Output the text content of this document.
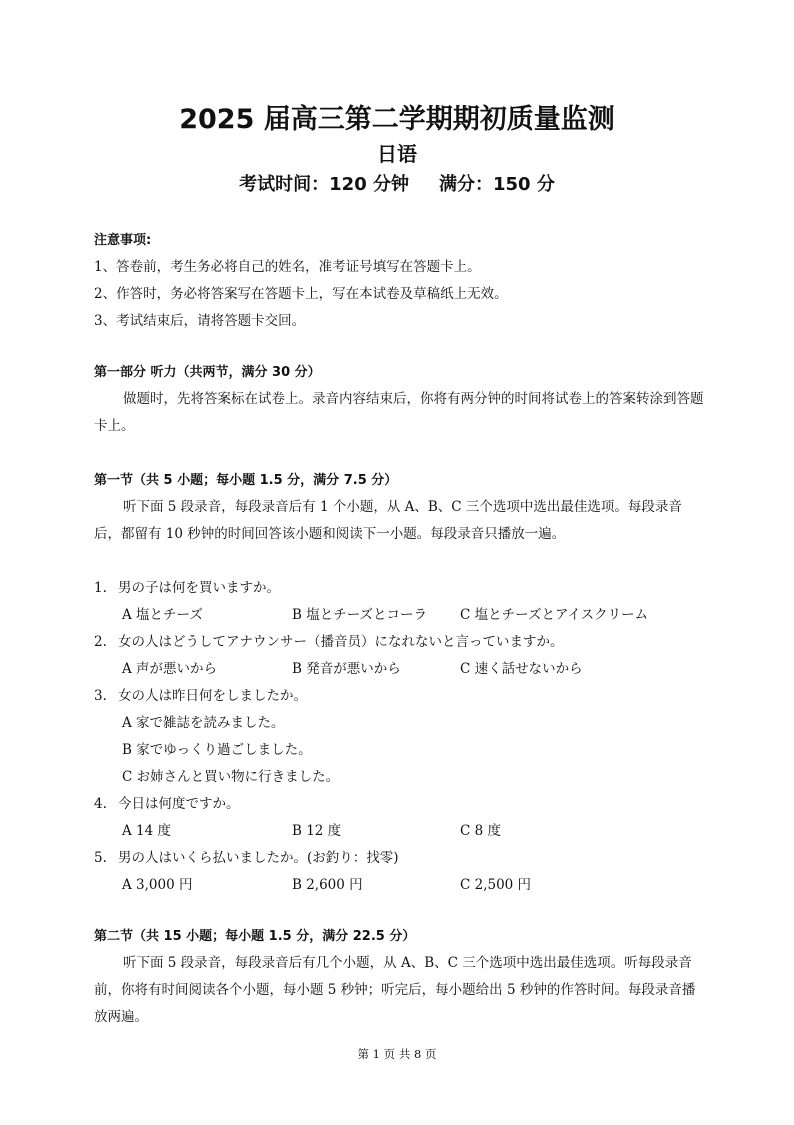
2025 届高三第二学期期初质量监测
日语
考试时间：120 分钟 满分：150 分

注意事项:

1、答卷前，考生务必将自己的姓名，准考证号填写在答题卡上。

2、作答时，务必将答案写在答题卡上，写在本试卷及草稿纸上无效。

3、考试结束后，请将答题卡交回。

第一部分 听力（共两节，满分 30 分）

做题时，先将答案标在试卷上。录音内容结束后，你将有两分钟的时间将试卷上的答案转涂到答题卡上。

第一节（共 5 小题；每小题 1.5 分，满分 7.5 分）

听下面 5 段录音，每段录音后有 1 个小题，从 A、B、C 三个选项中选出最佳选项。每段录音后，都留有 10 秒钟的时间回答该小题和阅读下一小题。每段录音只播放一遍。

1. 男の子は何を買いますか。
A 塩とチーズ	B 塩とチーズとコーラ C 塩とチーズとアイスクリーム
2. 女の人はどうしてアナウンサー（播音员）になれないと言っていますか。
A 声が悪いから	B 発音が悪いから	C 速く話せないから
3. 女の人は昨日何をしましたか。
A 家で雑誌を読みました。
B 家でゆっくり過ごしました。
C お姉さんと買い物に行きました。
4. 今日は何度ですか。
A 14 度	B 12 度	C 8 度
5. 男の人はいくら払いましたか。(お釣り：找零)
A 3,000 円	B 2,600 円	C 2,500 円

第二节（共 15 小题；每小题 1.5 分，满分 22.5 分）

听下面 5 段录音，每段录音后有几个小题，从 A、B、C 三个选项中选出最佳选项。听每段录音前，你将有时间阅读各个小题，每小题 5 秒钟；听完后，每小题给出 5 秒钟的作答时间。每段录音播放两遍。

第 1 页 共 8 页
